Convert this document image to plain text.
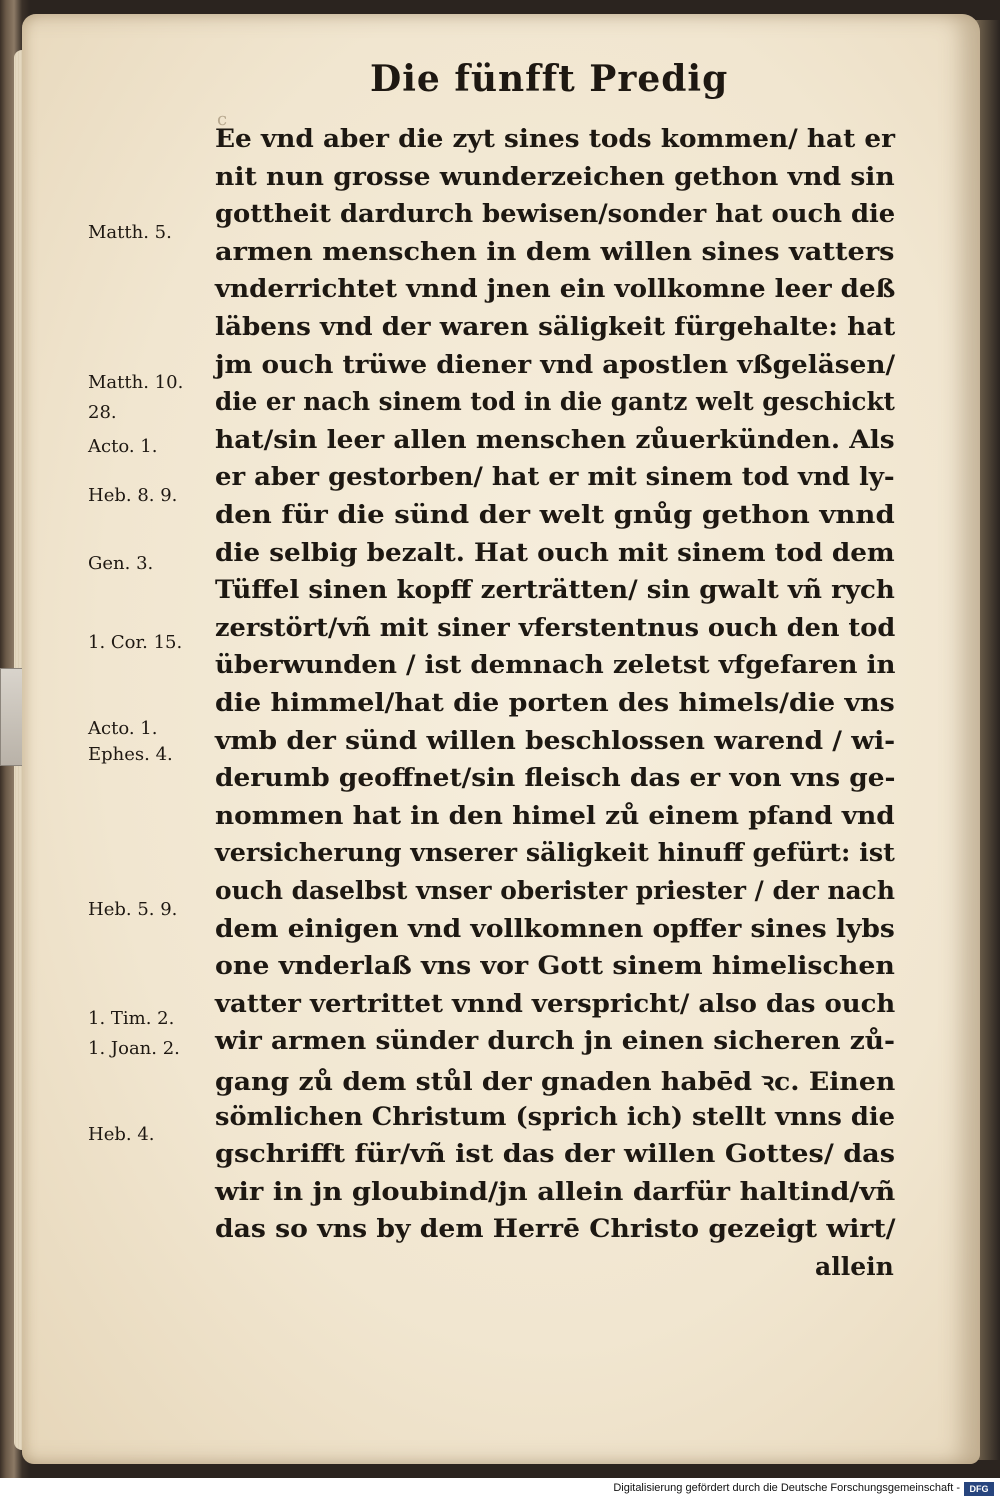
c
Die fünfft Predig
Ee vnd aber die zyt sines tods kommen/ hat er
nit nun grosse wunderzeichen gethon vnd sin
gottheit dardurch bewisen/sonder hat ouch die
armen menschen in dem willen sines vatters
vnderrichtet vnnd jnen ein vollkomne leer deß
läbens vnd der waren säligkeit fürgehalte: hat
jm ouch trüwe diener vnd apostlen vßgeläsen/
die er nach sinem tod in die gantz welt geschickt
hat/sin leer allen menschen zůuerkünden. Als
er aber gestorben/ hat er mit sinem tod vnd ly-
den für die sünd der welt gnůg gethon vnnd
die selbig bezalt. Hat ouch mit sinem tod dem
Tüffel sinen kopff zerträtten/ sin gwalt vñ rych
zerstört/vñ mit siner vferstentnus ouch den tod
überwunden / ist demnach zeletst vfgefaren in
die himmel/hat die porten des himels/die vns
vmb der sünd willen beschlossen warend / wi-
derumb geoffnet/sin fleisch das er von vns ge-
nommen hat in den himel zů einem pfand vnd
versicherung vnserer säligkeit hinuff gefürt: ist
ouch daselbst vnser oberister priester / der nach
dem einigen vnd vollkomnen opffer sines lybs
one vnderlaß vns vor Gott sinem himelischen
vatter vertrittet vnnd verspricht/ also das ouch
wir armen sünder durch jn einen sicheren zů-
gang zů dem stůl der gnaden habēd ꝛc. Einen
sömlichen Christum (sprich ich) stellt vnns die
gschrifft für/vñ ist das der willen Gottes/ das
wir in jn gloubind/jn allein darfür haltind/vñ
das so vns by dem Herrē Christo gezeigt wirt/
allein
Matth. 5.
Matth. 10.
28.
Acto. 1.
Heb. 8. 9.
Gen. 3.
1. Cor. 15.
Acto. 1.
Ephes. 4.
Heb. 5. 9.
1. Tim. 2.
1. Joan. 2.
Heb. 4.
Digitalisierung gefördert durch die Deutsche Forschungsgemeinschaft -	DFG
